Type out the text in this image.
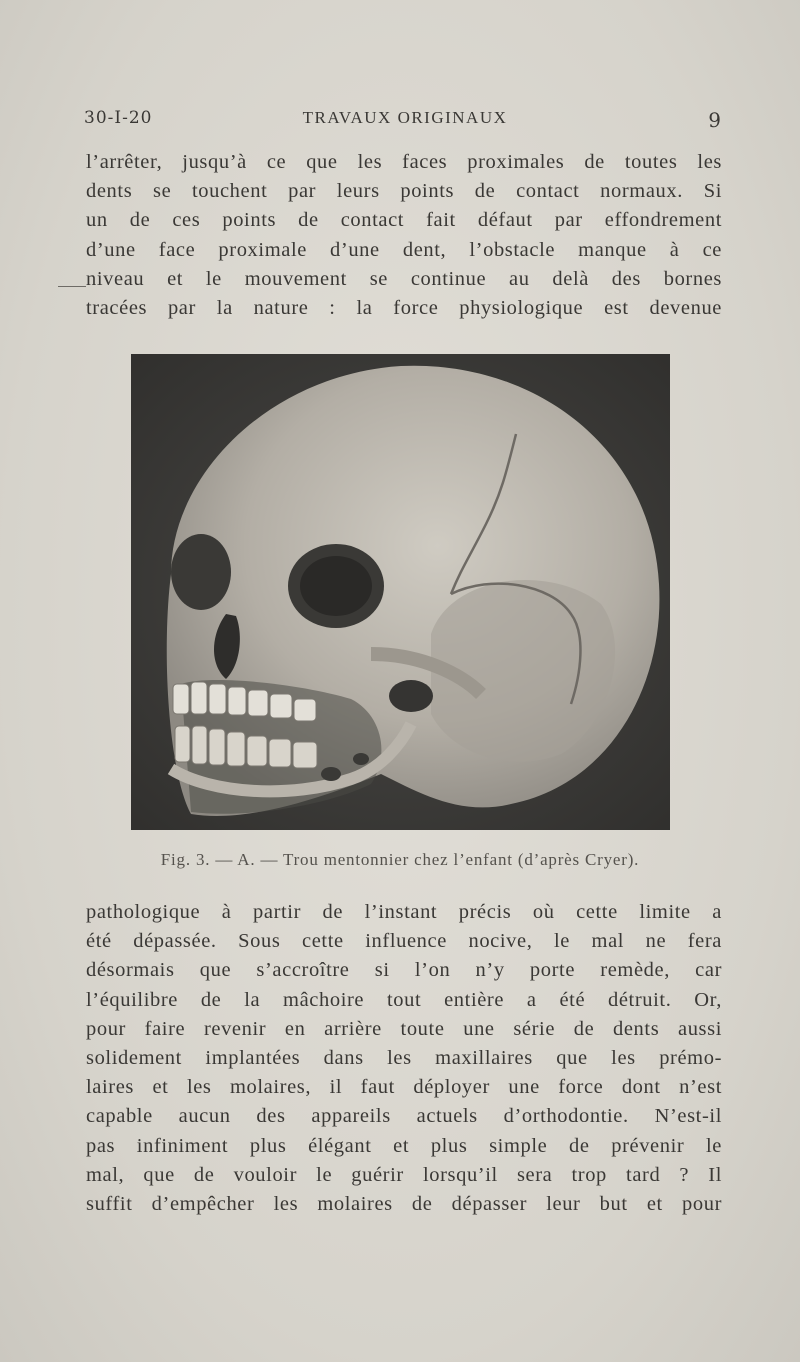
30-I-20	TRAVAUX ORIGINAUX	9
l’arrêter, jusqu’à ce que les faces proximales de toutes les
dents se touchent par leurs points de contact normaux. Si
un de ces points de contact fait défaut par effondrement
d’une face proximale d’une dent, l’obstacle manque à ce
niveau et le mouvement se continue au delà des bornes
tracées par la nature : la force physiologique est devenue
Fig. 3. — A. — Trou mentonnier chez l’enfant (d’après Cryer).
pathologique à partir de l’instant précis où cette limite a
été dépassée. Sous cette influence nocive, le mal ne fera
désormais que s’accroître si l’on n’y porte remède, car
l’équilibre de la mâchoire tout entière a été détruit. Or,
pour faire revenir en arrière toute une série de dents aussi
solidement implantées dans les maxillaires que les prémo-
laires et les molaires, il faut déployer une force dont n’est
capable aucun des appareils actuels d’orthodontie. N’est-il
pas infiniment plus élégant et plus simple de prévenir le
mal, que de vouloir le guérir lorsqu’il sera trop tard ? Il
suffit d’empêcher les molaires de dépasser leur but et pour
